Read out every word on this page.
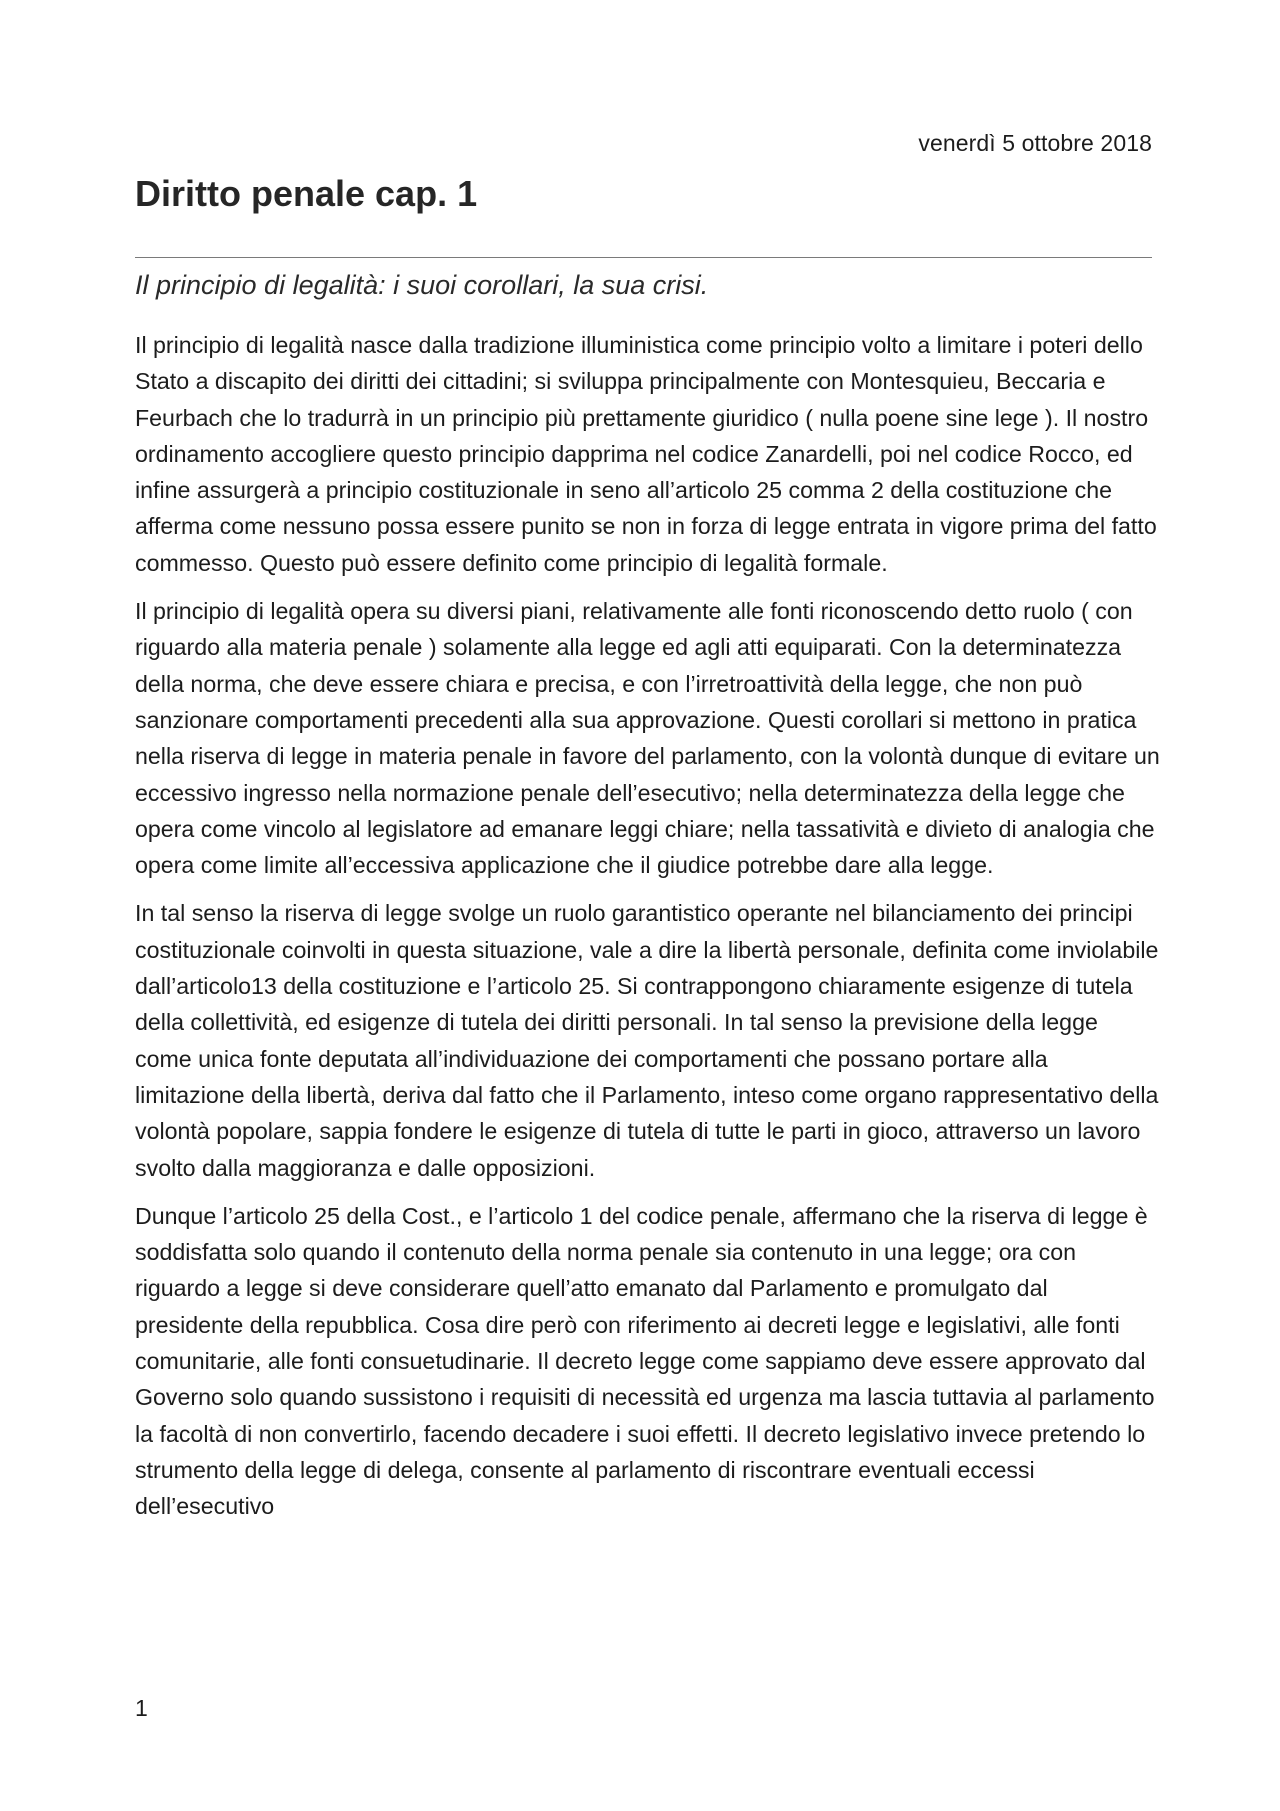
venerdì 5 ottobre 2018
Diritto penale cap. 1
Il principio di legalità: i suoi corollari, la sua crisi.

Il principio di legalità nasce dalla tradizione illuministica come principio volto a limitare i poteri dello Stato a discapito dei diritti dei cittadini; si sviluppa principalmente con Montesquieu, Beccaria e Feurbach che lo tradurrà in un principio più prettamente giuridico ( nulla poene sine lege ). Il nostro ordinamento accogliere questo principio dapprima nel codice Zanardelli, poi nel codice Rocco, ed infine assurgerà a principio costituzionale in seno all’articolo 25 comma 2 della costituzione che afferma come nessuno possa essere punito se non in forza di legge entrata in vigore prima del fatto commesso. Questo può essere definito come principio di legalità formale.

Il principio di legalità opera su diversi piani, relativamente alle fonti riconoscendo detto ruolo ( con riguardo alla materia penale ) solamente alla legge ed agli atti equiparati. Con la determinatezza della norma, che deve essere chiara e precisa, e con l’irretroattività della legge, che non può sanzionare comportamenti precedenti alla sua approvazione. Questi corollari si mettono in pratica nella riserva di legge in materia penale in favore del parlamento, con la volontà dunque di evitare un eccessivo ingresso nella normazione penale dell’esecutivo; nella determinatezza della legge che opera come vincolo al legislatore ad emanare leggi chiare; nella tassatività e divieto di analogia che opera come limite all’eccessiva applicazione che il giudice potrebbe dare alla legge.

In tal senso la riserva di legge svolge un ruolo garantistico operante nel bilanciamento dei principi costituzionale coinvolti in questa situazione, vale a dire la libertà personale, definita come inviolabile dall’articolo13 della costituzione e l’articolo 25. Si contrappongono chiaramente esigenze di tutela della collettività, ed esigenze di tutela dei diritti personali. In tal senso la previsione della legge come unica fonte deputata all’individuazione dei comportamenti che possano portare alla limitazione della libertà, deriva dal fatto che il Parlamento, inteso come organo rappresentativo della volontà popolare, sappia fondere le esigenze di tutela di tutte le parti in gioco, attraverso un lavoro svolto dalla maggioranza e dalle opposizioni.

Dunque l’articolo 25 della Cost., e l’articolo 1 del codice penale, affermano che la riserva di legge è soddisfatta solo quando il contenuto della norma penale sia contenuto in una legge; ora con riguardo a legge si deve considerare quell’atto emanato dal Parlamento e promulgato dal presidente della repubblica. Cosa dire però con riferimento ai decreti legge e legislativi, alle fonti comunitarie, alle fonti consuetudinarie. Il decreto legge come sappiamo deve essere approvato dal Governo solo quando sussistono i requisiti di necessità ed urgenza ma lascia tuttavia al parlamento la facoltà di non convertirlo, facendo decadere i suoi effetti. Il decreto legislativo invece pretendo lo strumento della legge di delega, consente al parlamento di riscontrare eventuali eccessi dell’esecutivo

1
